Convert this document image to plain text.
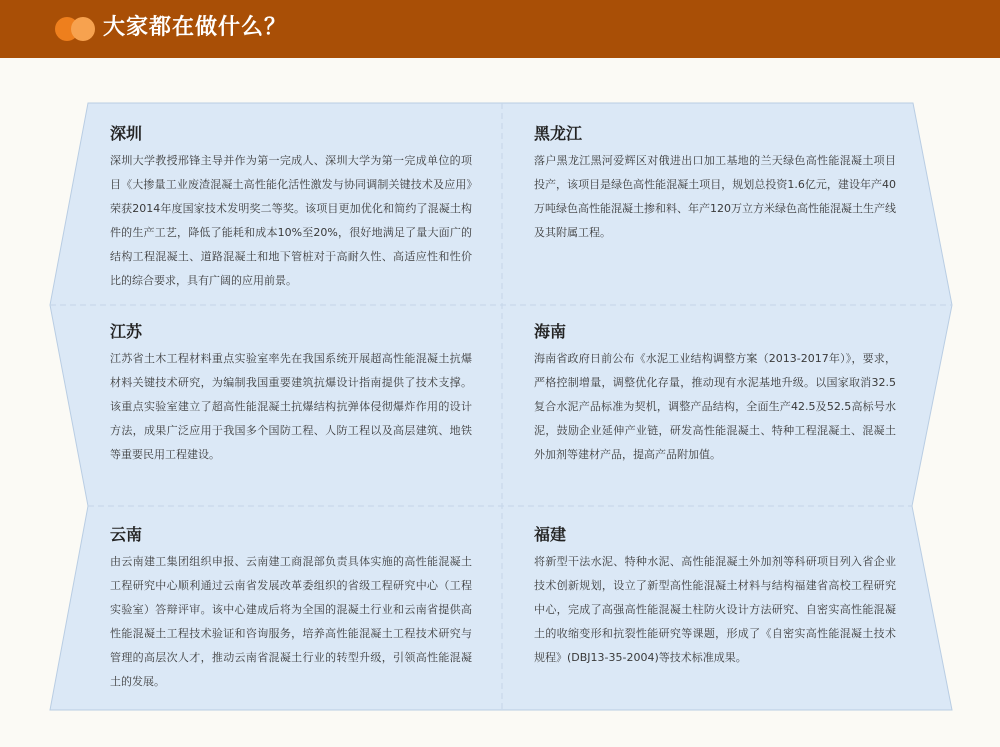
大家都在做什么？
深圳

深圳大学教授邢锋主导并作为第一完成人、深圳大学为第一完成单位的项目《大掺量工业废渣混凝土高性能化活性激发与协同调制关键技术及应用》荣获2014年度国家技术发明奖二等奖。该项目更加优化和简约了混凝土构件的生产工艺，降低了能耗和成本10%至20%，很好地满足了量大面广的结构工程混凝土、道路混凝土和地下管桩对于高耐久性、高适应性和性价比的综合要求，具有广阔的应用前景。

黑龙江

落户黑龙江黑河爱辉区对俄进出口加工基地的兰天绿色高性能混凝土项目投产，该项目是绿色高性能混凝土项目，规划总投资1.6亿元，建设年产40万吨绿色高性能混凝土掺和料、年产120万立方米绿色高性能混凝土生产线及其附属工程。

江苏

江苏省土木工程材料重点实验室率先在我国系统开展超高性能混凝土抗爆材料关键技术研究，为编制我国重要建筑抗爆设计指南提供了技术支撑。该重点实验室建立了超高性能混凝土抗爆结构抗弹体侵彻爆炸作用的设计方法，成果广泛应用于我国多个国防工程、人防工程以及高层建筑、地铁等重要民用工程建设。

海南

海南省政府日前公布《水泥工业结构调整方案（2013-2017年）》，要求，严格控制增量，调整优化存量，推动现有水泥基地升级。以国家取消32.5复合水泥产品标准为契机，调整产品结构，全面生产42.5及52.5高标号水泥，鼓励企业延伸产业链，研发高性能混凝土、特种工程混凝土、混凝土外加剂等建材产品，提高产品附加值。

云南

由云南建工集团组织申报、云南建工商混部负责具体实施的高性能混凝土工程研究中心顺利通过云南省发展改革委组织的省级工程研究中心（工程实验室）答辩评审。该中心建成后将为全国的混凝土行业和云南省提供高性能混凝土工程技术验证和咨询服务，培养高性能混凝土工程技术研究与管理的高层次人才，推动云南省混凝土行业的转型升级，引领高性能混凝土的发展。

福建

将新型干法水泥、特种水泥、高性能混凝土外加剂等科研项目列入省企业技术创新规划，设立了新型高性能混凝土材料与结构福建省高校工程研究中心，完成了高强高性能混凝土柱防火设计方法研究、自密实高性能混凝土的收缩变形和抗裂性能研究等课题，形成了《自密实高性能混凝土技术规程》(DBJ13-35-2004)等技术标准成果。
